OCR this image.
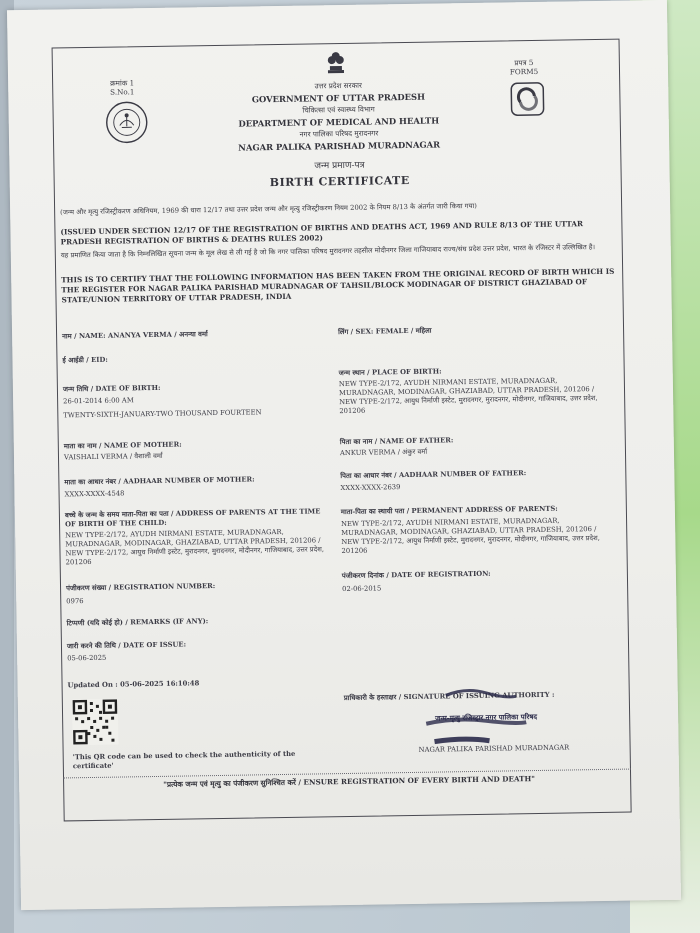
क्रमांक 1
S.No.1
प्रपत्र 5
FORM5
उत्तर प्रदेश सरकार
GOVERNMENT OF UTTAR PRADESH
चिकित्सा एवं स्वास्थ्य विभाग
DEPARTMENT OF MEDICAL AND HEALTH
नगर पालिका परिषद मुरादनगर
NAGAR PALIKA PARISHAD MURADNAGAR
जन्म प्रमाण-पत्र
BIRTH CERTIFICATE
(जन्म और मृत्यु रजिस्ट्रीकरण अधिनियम, 1969 की धारा 12/17 तथा उत्तर प्रदेश जन्म और मृत्यु रजिस्ट्रीकरण नियम 2002 के नियम 8/13 के अंतर्गत जारी किया गया)
(ISSUED UNDER SECTION 12/17 OF THE REGISTRATION OF BIRTHS AND DEATHS ACT, 1969 AND RULE 8/13 OF THE UTTAR PRADESH REGISTRATION OF BIRTHS & DEATHS RULES 2002)
यह प्रमाणित किया जाता है कि निम्नलिखित सूचना जन्म के मूल लेख से ली गई है जो कि नगर पालिका परिषद मुरादनगर तहसील मोदीनगर जिला गाजियाबाद राज्य/संघ प्रदेश उत्तर प्रदेश, भारत के रजिस्टर में उल्लिखित है।
THIS IS TO CERTIFY THAT THE FOLLOWING INFORMATION HAS BEEN TAKEN FROM THE ORIGINAL RECORD OF BIRTH WHICH IS THE REGISTER FOR NAGAR PALIKA PARISHAD MURADNAGAR OF TAHSIL/BLOCK MODINAGAR OF DISTRICT GHAZIABAD OF STATE/UNION TERRITORY OF UTTAR PRADESH, INDIA
नाम / NAME: ANANYA VERMA / अनन्या वर्मा	लिंग / SEX: FEMALE / महिला
ई आईडी / EID:
जन्म तिथि / DATE OF BIRTH:
26-01-2014 6:00 AM
TWENTY-SIXTH-JANUARY-TWO THOUSAND FOURTEEN
जन्म स्थान / PLACE OF BIRTH:
NEW TYPE-2/172, AYUDH NIRMANI ESTATE, MURADNAGAR, MURADNAGAR, MODINAGAR, GHAZIABAD, UTTAR PRADESH, 201206 / NEW TYPE-2/172, आयुध निर्माणी इस्टेट, मुरादनगर, मुरादनगर, मोदीनगर, गाजियाबाद, उत्तर प्रदेश, 201206
माता का नाम / NAME OF MOTHER:
VAISHALI VERMA / वैशाली वर्मा
पिता का नाम / NAME OF FATHER:
ANKUR VERMA / अंकुर वर्मा
माता का आधार नंबर / AADHAAR NUMBER OF MOTHER:
XXXX-XXXX-4548
पिता का आधार नंबर / AADHAAR NUMBER OF FATHER:
XXXX-XXXX-2639
बच्चे के जन्म के समय माता-पिता का पता / ADDRESS OF PARENTS AT THE TIME OF BIRTH OF THE CHILD:
NEW TYPE-2/172, AYUDH NIRMANI ESTATE, MURADNAGAR, MURADNAGAR, MODINAGAR, GHAZIABAD, UTTAR PRADESH, 201206 / NEW TYPE-2/172, आयुध निर्माणी इस्टेट, मुरादनगर, मुरादनगर, मोदीनगर, गाजियाबाद, उत्तर प्रदेश, 201206
माता-पिता का स्थायी पता / PERMANENT ADDRESS OF PARENTS:
NEW TYPE-2/172, AYUDH NIRMANI ESTATE, MURADNAGAR, MURADNAGAR, MODINAGAR, GHAZIABAD, UTTAR PRADESH, 201206 / NEW TYPE-2/172, आयुध निर्माणी इस्टेट, मुरादनगर, मुरादनगर, मोदीनगर, गाजियाबाद, उत्तर प्रदेश, 201206
पंजीकरण संख्या / REGISTRATION NUMBER:
0976
पंजीकरण दिनांक / DATE OF REGISTRATION:
02-06-2015
टिप्पणी (यदि कोई हो) / REMARKS (IF ANY):
जारी करने की तिथि / DATE OF ISSUE:
05-06-2025
Updated On : 05-06-2025 16:10:48
'This QR code can be used to check the authenticity of the certificate'
प्राधिकारी के हस्ताक्षर / SIGNATURE OF ISSUING AUTHORITY :
जन्म-मृत्यु रजिस्ट्रार नगर पालिका परिषद
NAGAR PALIKA PARISHAD MURADNAGAR
"प्रत्येक जन्म एवं मृत्यु का पंजीकरण सुनिश्चित करें / ENSURE REGISTRATION OF EVERY BIRTH AND DEATH"
